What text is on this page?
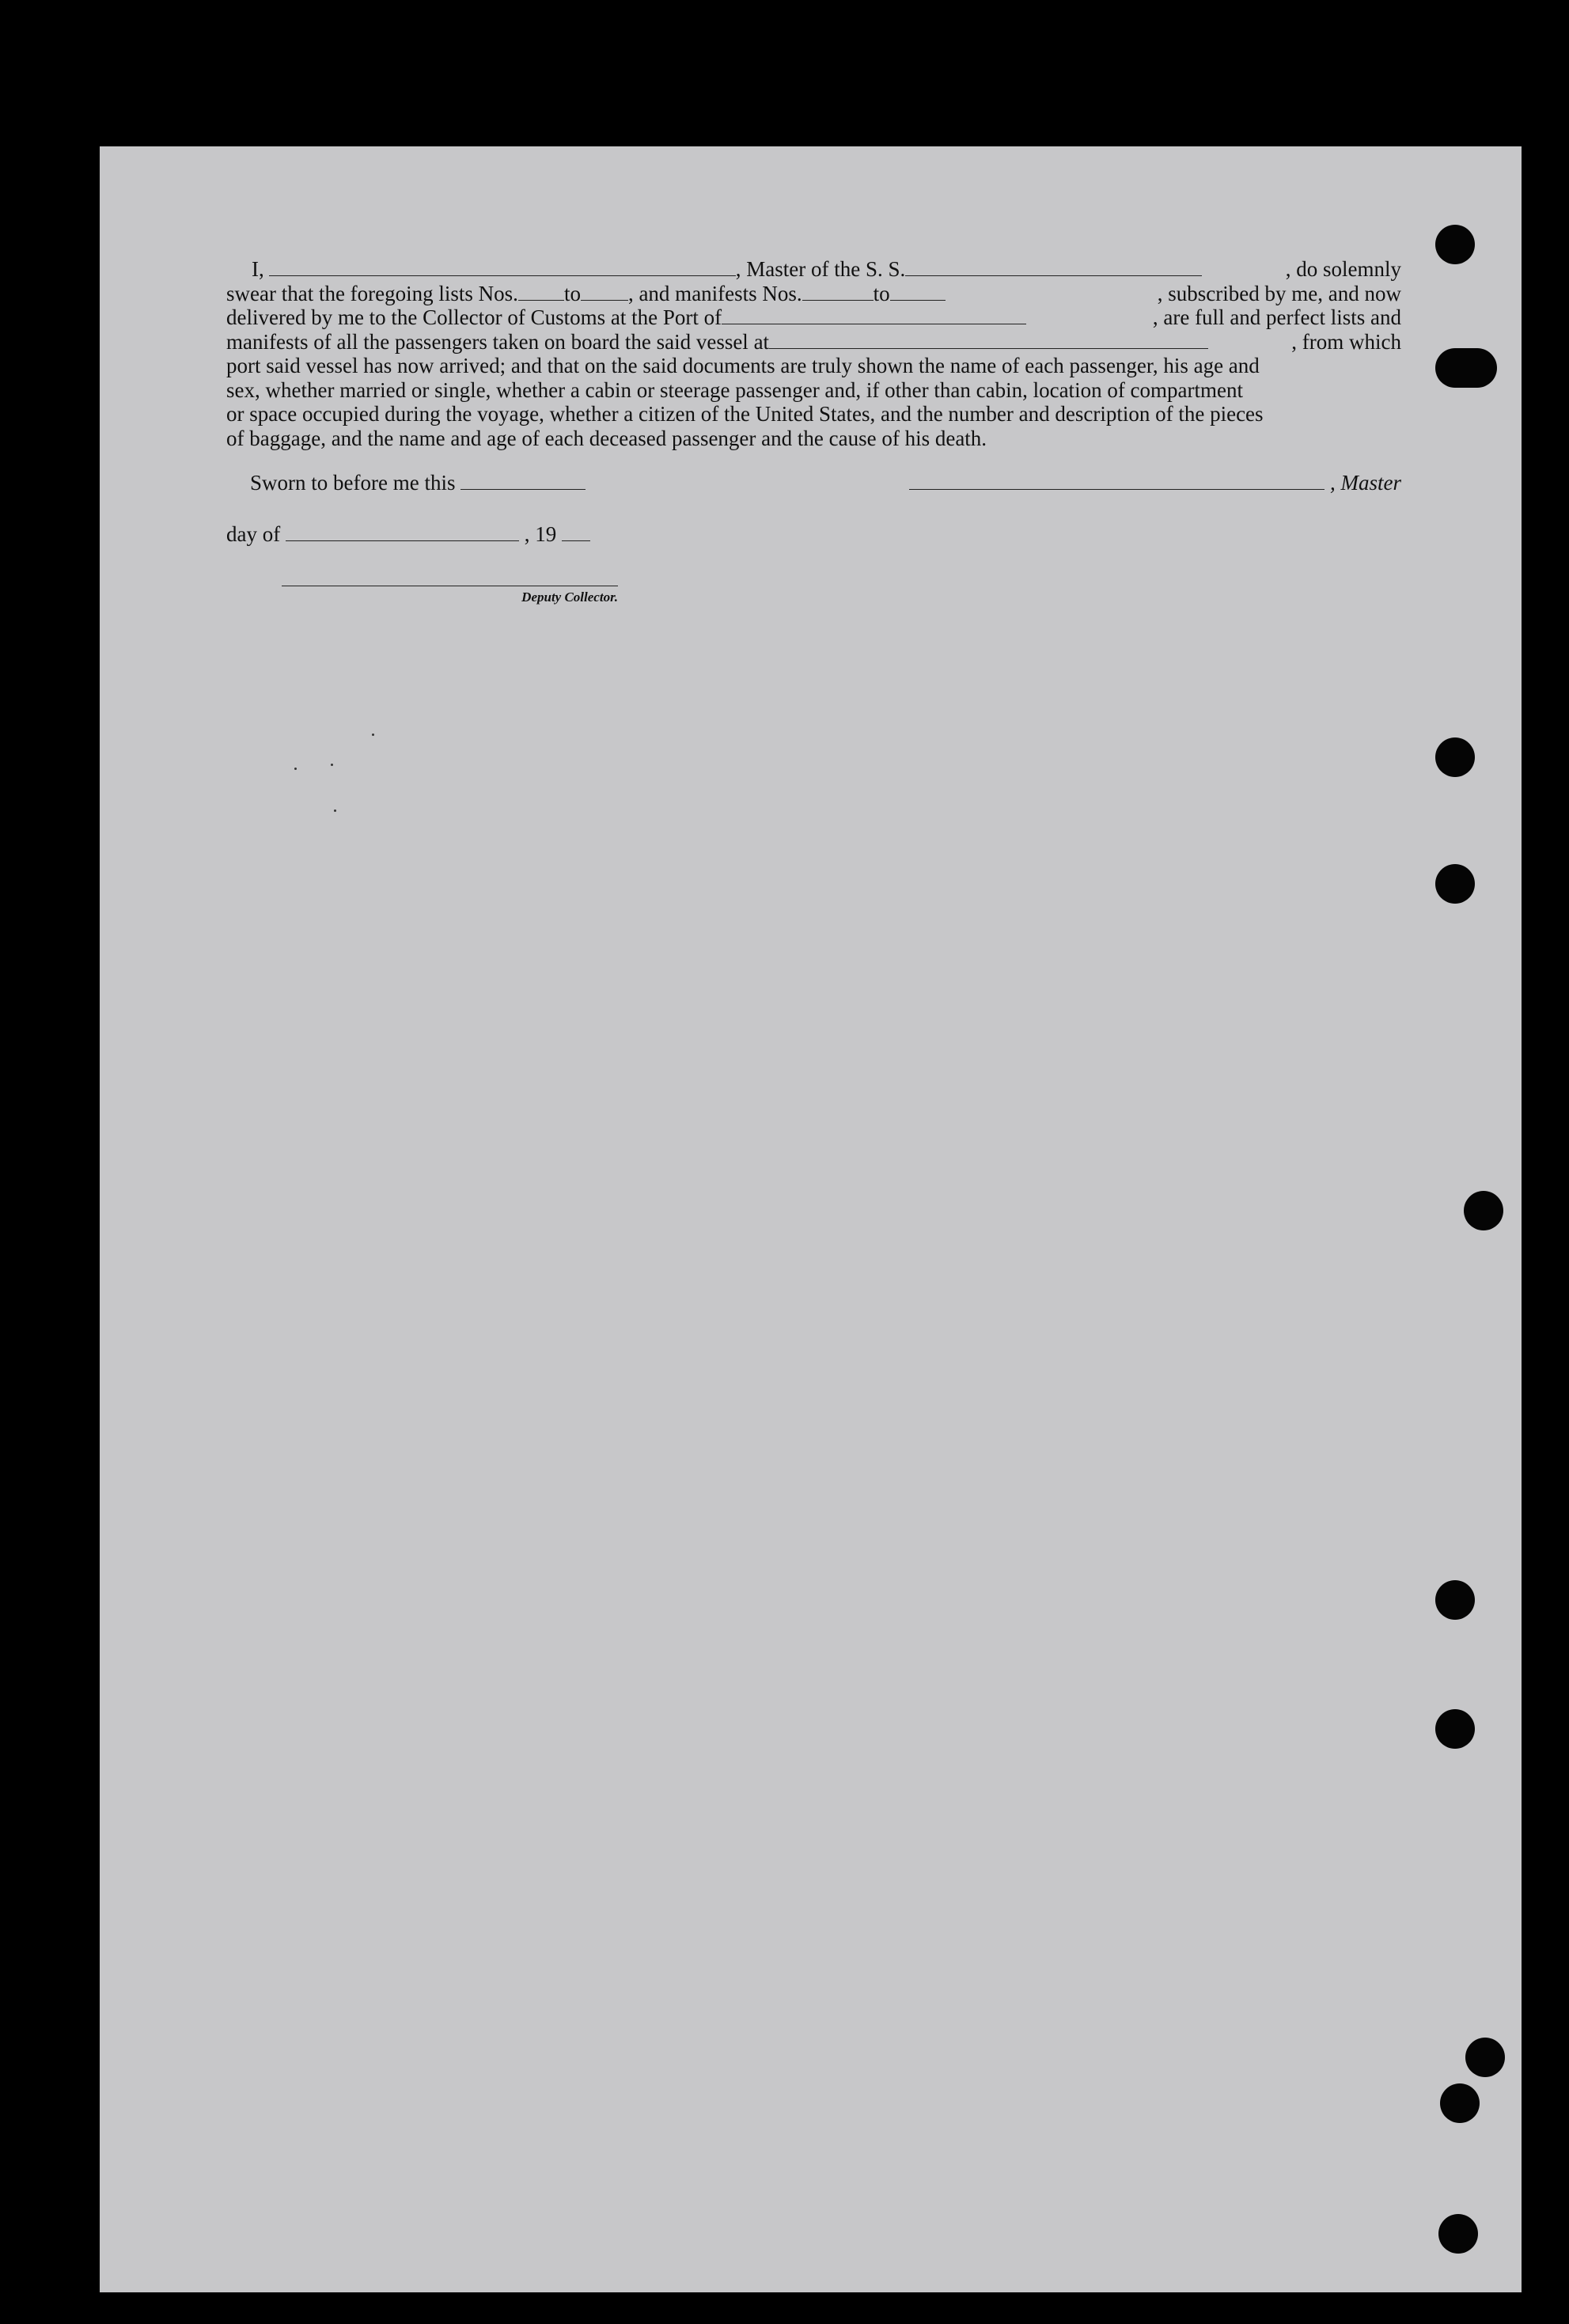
I,	, Master of the S. S.	, do solemnly
swear that the foregoing lists Nos. to , and manifests Nos.	to	, subscribed by me, and now
delivered by me to the Collector of Customs at the Port of	, are full and perfect lists and
manifests of all the passengers taken on board the said vessel at	, from which
port said vessel has now arrived; and that on the said documents are truly shown the name of each passenger, his age and
sex, whether married or single, whether a cabin or steerage passenger and, if other than cabin, location of compartment
or space occupied during the voyage, whether a citizen of the United States, and the number and description of the pieces
of baggage, and the name and age of each deceased passenger and the cause of his death.
Sworn to before me this	, Master
day of	, 19
Deputy Collector.
